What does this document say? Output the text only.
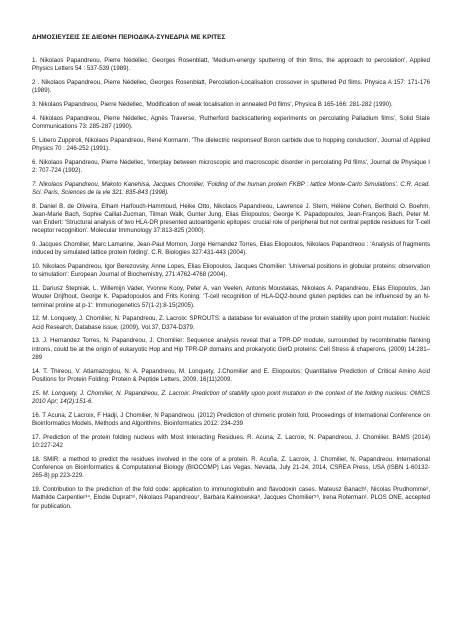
ΔΗΜΟΣΙΕΥΣΕΙΣ ΣΕ ΔΙΕΘΝΗ ΠΕΡΙΟΔΙΚΑ-ΣΥΝΕΔΡΙΑ ΜΕ ΚΡΙΤΕΣ

1. Nikolaos Papandreou, Pierre Nédellec, Georges Rosenblatt, 'Medium-energy sputtering of thin films, the approach to percolation', Applied Physics Letters 54 : 537-539 (1989).

2 . Nikolaos Papandreou, Pierre Nédellec, Georges Rosenblatt, Percolation-Localisation crossover in sputtered Pd films. Physica A 157: 171-176 (1989).

3. Nikolaos Papandreou, Pierre Nédellec, 'Modification of weak localisation in annealed Pd films', Physica B 165-166: 281-282 (1990).

4. Nikolaos Papandreou, Pierre Nédellec, Agnès Traverse, 'Rutherford backscattering experiments on percolating Palladium films', Solid State Communications 73: 285-287 (1990).

5. Libero Zuppiroli, Nikolaos Papandreou, René Kormann, 'The dielectric responseof Boron carbide due to hopping conduction', Journal of Applied Physics 70 : 246-252 (1991).

6. Nikolaos Papandreou, Pierre Nédellec, 'Interplay between microscopic and macroscopic disorder in percolating Pd films', Journal de Physique I 2: 707-724 (1992).

7. Nikolaos Papandreou, Makoto Kanehisa, Jacques Chomilier, 'Folding of the human protein FKBP : lattice Monte-Carlo Simulations'. C.R. Acad. Sci. Paris, Sciences de la vie 321: 835-843 (1998).

8. Daniel B. de Oliveira, Elham Harfouch-Hammoud, Heike Otto, Nikolaos Papandreou, Lawrence J. Stern, Hélène Cohen, Berthold O. Boehm, Jean-Marie Bach, Sophie Caillat-Zucman, Tilman Walk, Gunter Jung, Elias Eliopoulos, George K. Papadopoulos, Jean-François Bach, Peter M. van Endert: 'Structural analysis of two HLA-DR presented autoantigenic epitopes: crucial role of peripheral but not central peptide residues for T-cell receptor recognition'. Molecular Immunology 37:813-825 (2000).

9. Jacques Chomilier, Marc Lamarine, Jean-Paul Mornon, Jorge Hernandez Torres, Elias Eliopoulos, Nikolaos Papandreou : 'Analysis of fragments induced by simulated lattice protein folding'. C.R. Biologies 327:431-443 (2004).

10. Nikolaos Papandreou, Igor Berezovsky, Anne Lopes, Elias Eliopoulos, Jacques Chomilier: 'Universal positions in globular proteins: observation to simulation': European Journal of Biochemistry, 271:4762-4768 (2004).

11. Dariusz Stepniak, L. Willemijn Vader, Yvonne Kooy, Peter A. van Veelen, Antonis Moustakas, Nikolaos A. Papandreou, Elias Eliopoulos, Jan Wouter Drijfhout, George K. Papadopoulos and Frits Koning: 'T-cell recognition of HLA-DQ2-bound gluten peptides can be influenced by an N-terminal proline at p-1': Immunogenetics 57(1-2):8-15(2005).

12. M. Lonquety, J. Chomilier, N. Papandreou, Z. Lacroix: SPROUTS: a database for evaluation of the protein stability upon point mutation: Nucleic Acid Research, Database issue, (2009), Vol.37, D374-D379.

13. J. Hernandez Torres, N. Papandreou, J. Chomilier: Sequence analysis reveal that a TPR-DP module, surrounded by recombinable flanking introns, could be at the origin of eukaryotic Hop and Hip TPR-DP domains and prokaryotic GerD proteins: Cell Stress & chaperons, (2009) 14:281–289

14. T. Thireou, V. Atlamazoglou, N. A. Papandreou, M. Lonquety, J.Chomilier and E. Eliopoulos: Quantitative Prediction of Critical Amino Acid Positions for Protein Folding: Protein & Peptide Letters, 2009, 16(11)2009.

15. M. Lonquety, J. Chomilier, N. Papandreou, Z. Lacroix: Prediction of stability upon point mutation in the context of the folding nucleus: OMICS 2010 Apr; 14(2):151-6.

16. T Acuna, Z Lacroix, F Hadji, J Chomilier, N Papandreou. (2012) Prediction of chimeric protein fold, Proceedings of International Conference on Bioinformatics Models, Methods and Algorithms. Bioinformatics 2012: 234-239

17. Prediction of the protein folding nucleus with Most Interacting Residues. R. Acuna, Z. Lacroix, N. Papandreou, J. Chomilier. BAMS (2014) 10:227-242

18. SMIR: a method to predict the residues involved in the core of a protein. R. Acuña, Z. Lacroix, J. Chomilier, N. Papandreou. International Conference on Bioinformatics & Computational Biology (BIOCOMP) Las Vegas, Nevada, July 21-24, 2014, CSREA Press, USA (ISBN 1-60132-265-8) pp 223-229.

19. Contribution to the prediction of the fold code: application to immunoglobulin and flavodoxin cases. Mateusz Banach¹, Nicolas Prudhomme², Mathilde Carpentier³⁴, Elodie Duprat⁵⁶, Nikolaos Papandreou⁷, Barbara Kalinowska⁸, Jacques Chomilier⁵⁶, Irena Roterman¹. PLOS ONE, accepted for publication.
